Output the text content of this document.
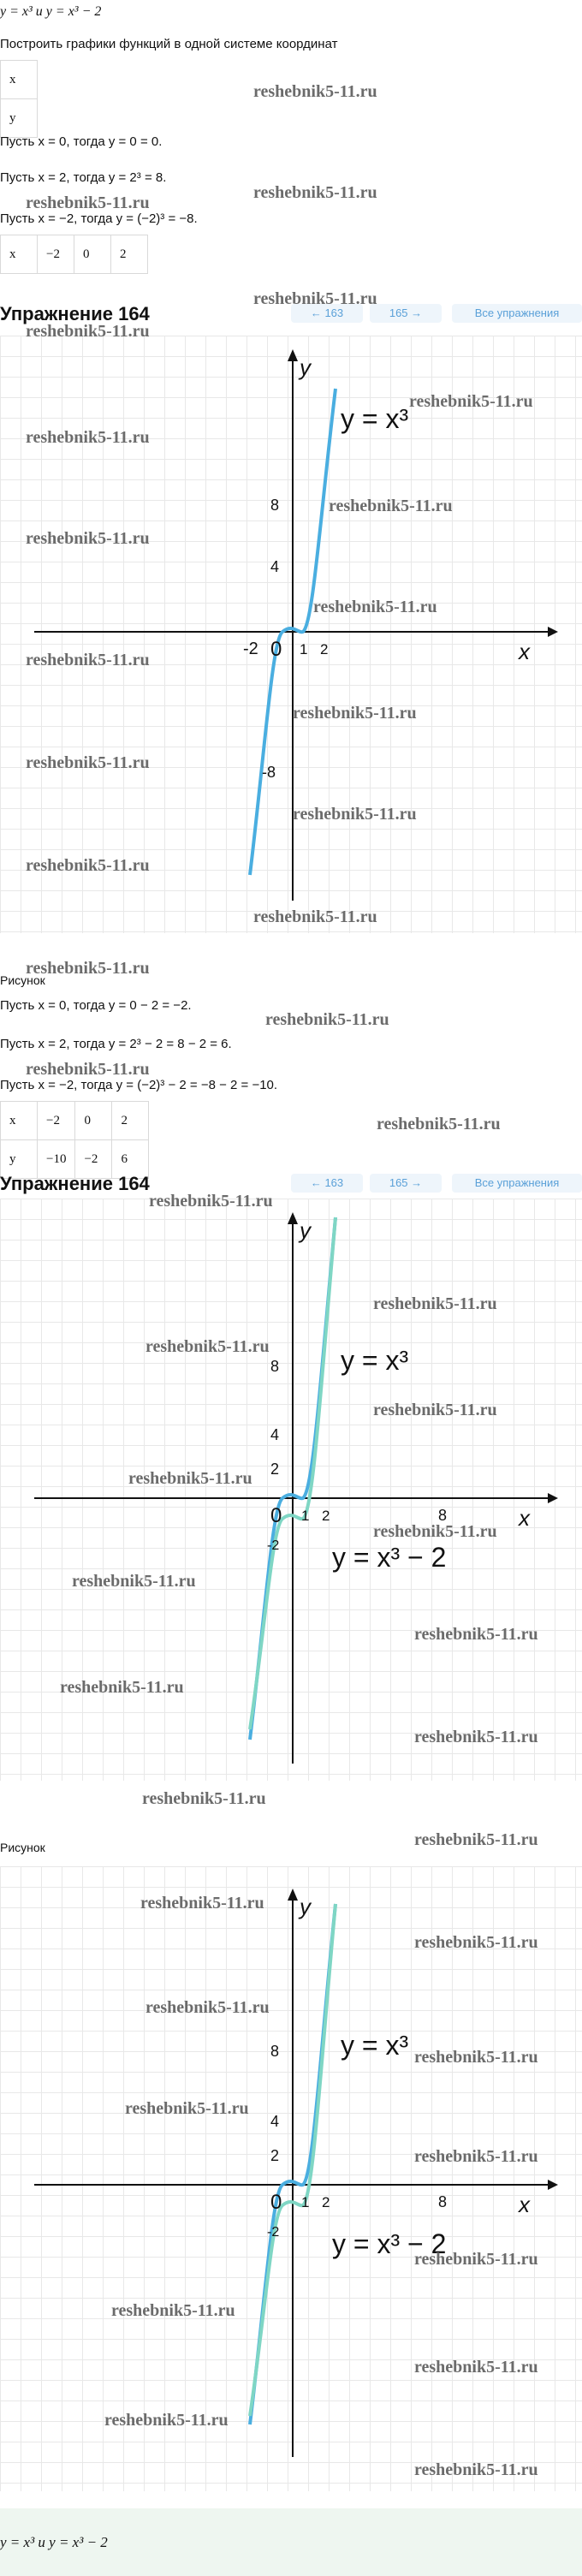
y = x³ и y = x³ − 2
Построить графики функций в одной системе координат
x	
y	
Пусть x = 0, тогда y = 0 = 0.
Пусть x = 2, тогда y = 2³ = 8.
Пусть x = −2, тогда y = (−2)³ = −8.
x	−2	0	2
Упражнение 164	← 163	165 →	Все упражнения
x
y
-2 0 1 2
8
4
-8
y = x³
Рисунок
Пусть x = 0, тогда y = 0 − 2 = −2.
Пусть x = 2, тогда y = 2³ − 2 = 8 − 2 = 6.
Пусть x = −2, тогда y = (−2)³ − 2 = −8 − 2 = −10.
x	−2	0	2
y	−10	−2	6
Упражнение 164	← 163	165 →	Все упражнения
x
y
0 1 2	8
8
4
2
-2
y = x³
y = x³ − 2
Рисунок
x
y
0 1 2	8
8
4
2
-2
y = x³
y = x³ − 2
y = x³ и y = x³ − 2
reshebnik5-11.ru
reshebnik5-11.ru
reshebnik5-11.ru
reshebnik5-11.ru
reshebnik5-11.ru
reshebnik5-11.ru
reshebnik5-11.ru
reshebnik5-11.ru
reshebnik5-11.ru
reshebnik5-11.ru
reshebnik5-11.ru
reshebnik5-11.ru
reshebnik5-11.ru
reshebnik5-11.ru
reshebnik5-11.ru
reshebnik5-11.ru
reshebnik5-11.ru
reshebnik5-11.ru
reshebnik5-11.ru
reshebnik5-11.ru
reshebnik5-11.ru
reshebnik5-11.ru
reshebnik5-11.ru
reshebnik5-11.ru
reshebnik5-11.ru
reshebnik5-11.ru
reshebnik5-11.ru
reshebnik5-11.ru
reshebnik5-11.ru
reshebnik5-11.ru
reshebnik5-11.ru
reshebnik5-11.ru
reshebnik5-11.ru
reshebnik5-11.ru
reshebnik5-11.ru
reshebnik5-11.ru
reshebnik5-11.ru
reshebnik5-11.ru
reshebnik5-11.ru
reshebnik5-11.ru
reshebnik5-11.ru
reshebnik5-11.ru
reshebnik5-11.ru
